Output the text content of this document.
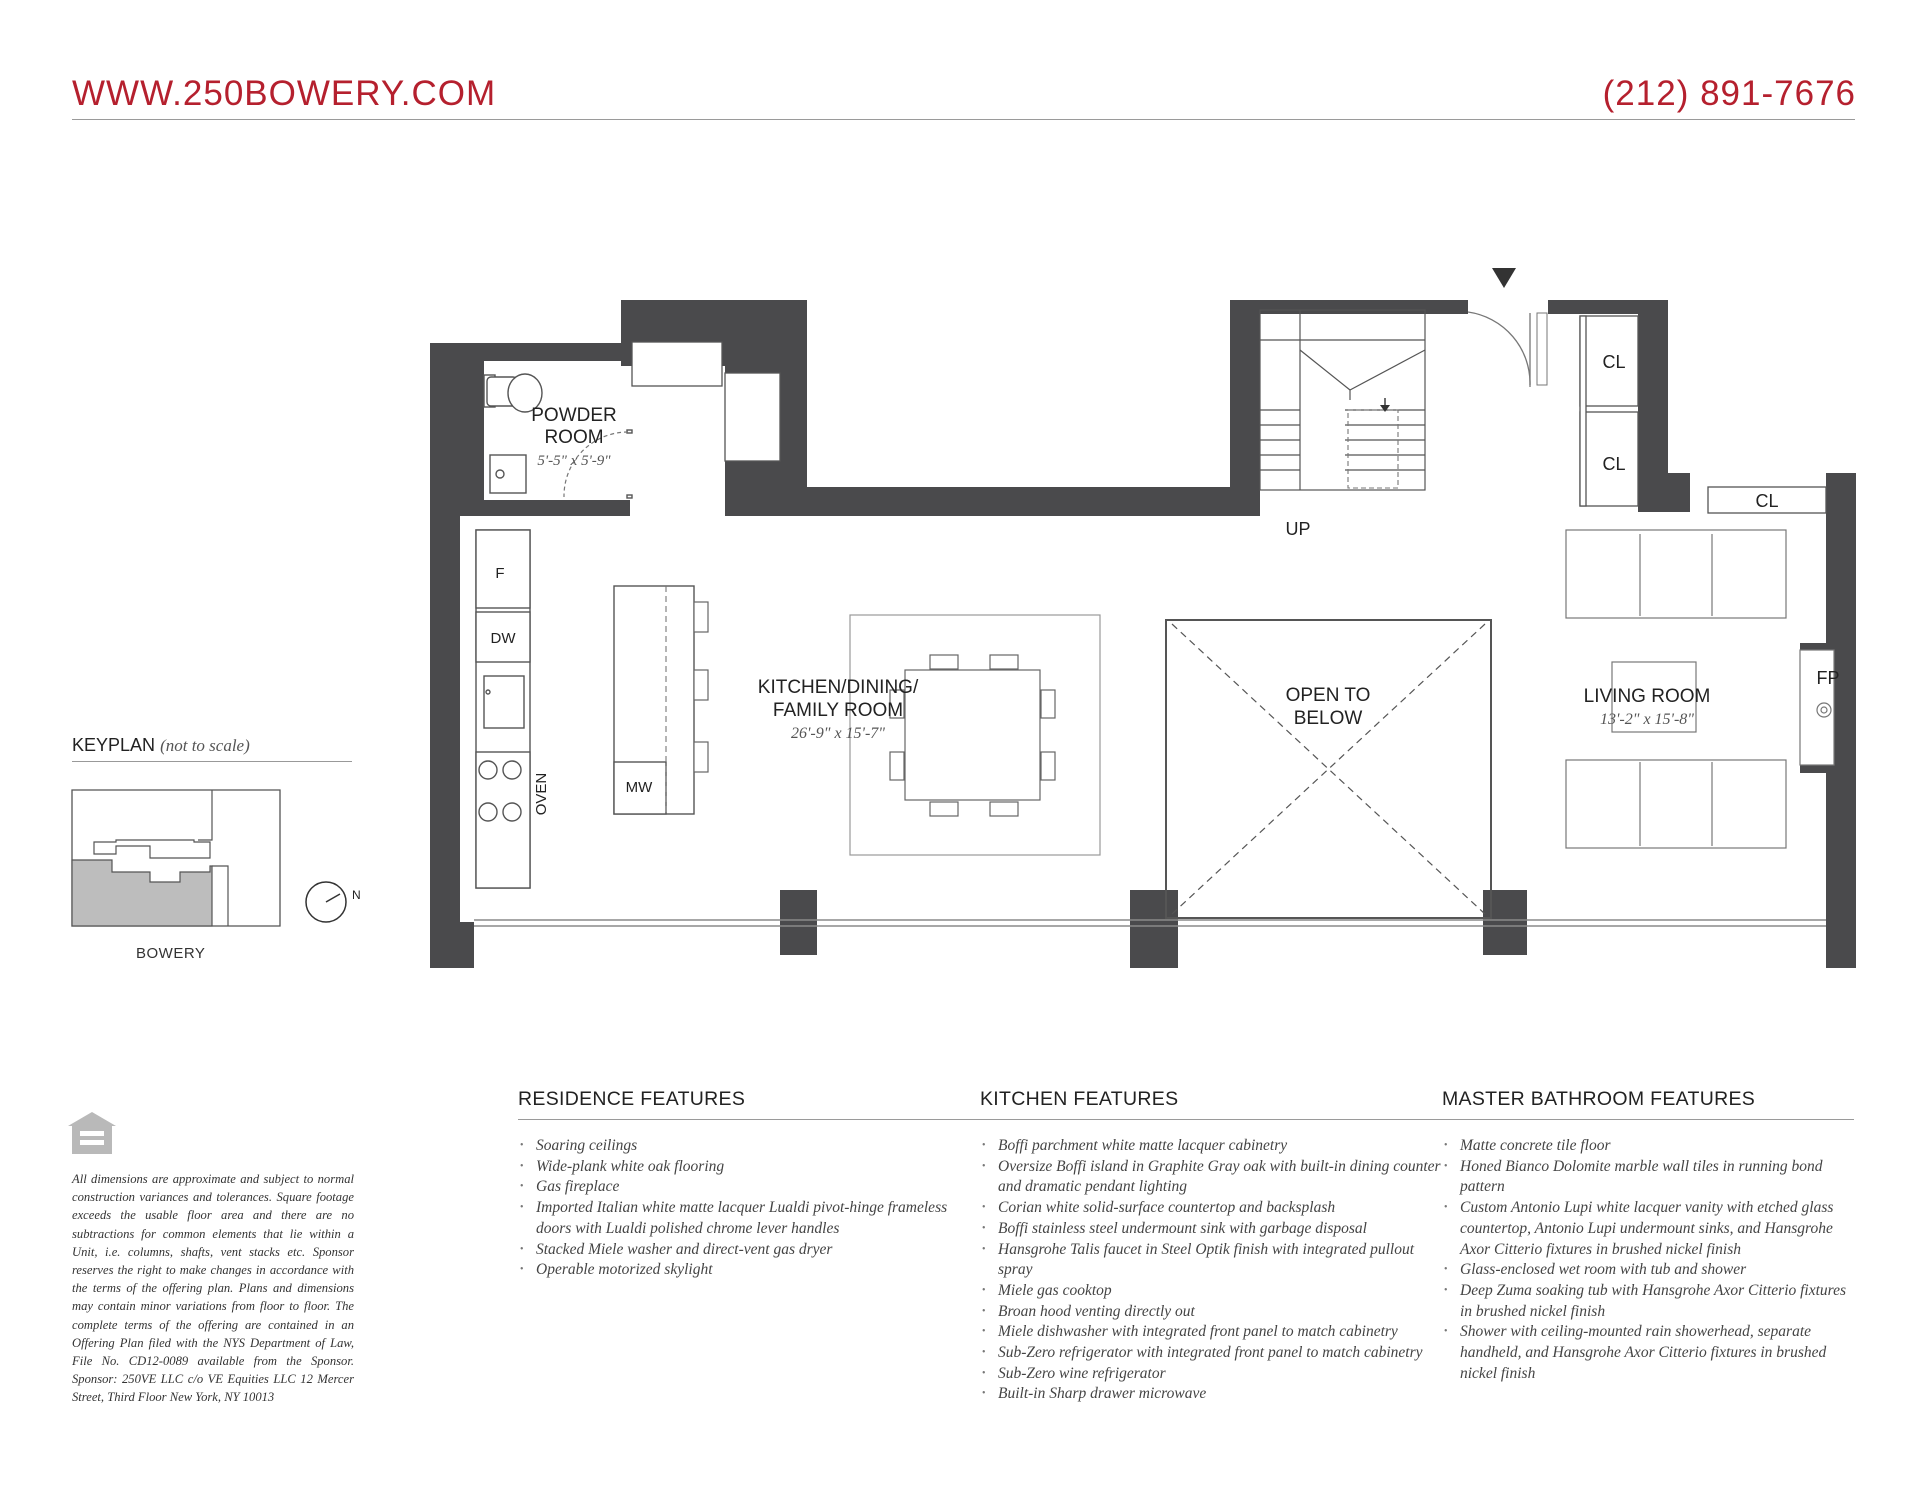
WWW.250BOWERY.COM	(212) 891-7676
POWDER
ROOM
5'-5" x 5'-9"
KITCHEN/DINING/
FAMILY ROOM
26'-9" x 15'-7"
OPEN TO
BELOW
LIVING ROOM
13'-2" x 15'-8"
UP
CL
CL
CL
FP
F
DW
MW
OVEN
KEYPLAN (not to scale)
N
BOWERY

All dimensions are approximate and subject to normal construction variances and tolerances. Square footage exceeds the usable floor area and there are no subtractions for common elements that lie within a Unit, i.e. columns, shafts, vent stacks etc. Sponsor reserves the right to make changes in accordance with the terms of the offering plan. Plans and dimensions may contain minor variations from floor to floor. The complete terms of the offering are contained in an Offering Plan filed with the NYS Department of Law, File No. CD12-0089 available from the Sponsor. Sponsor: 250VE LLC c/o VE Equities LLC 12 Mercer Street, Third Floor New York, NY 10013

RESIDENCE FEATURES
• Soaring ceilings
• Wide-plank white oak flooring
• Gas fireplace
• Imported Italian white matte lacquer Lualdi pivot-hinge frameless doors with Lualdi polished chrome lever handles
• Stacked Miele washer and direct-vent gas dryer
• Operable motorized skylight
KITCHEN FEATURES
• Boffi parchment white matte lacquer cabinetry
• Oversize Boffi island in Graphite Gray oak with built-in dining counter and dramatic pendant lighting
• Corian white solid-surface countertop and backsplash
• Boffi stainless steel undermount sink with garbage disposal
• Hansgrohe Talis faucet in Steel Optik finish with integrated pullout spray
• Miele gas cooktop
• Broan hood venting directly out
• Miele dishwasher with integrated front panel to match cabinetry
• Sub-Zero refrigerator with integrated front panel to match cabinetry
• Sub-Zero wine refrigerator
• Built-in Sharp drawer microwave
MASTER BATHROOM FEATURES
• Matte concrete tile floor
• Honed Bianco Dolomite marble wall tiles in running bond pattern
• Custom Antonio Lupi white lacquer vanity with etched glass countertop, Antonio Lupi undermount sinks, and Hansgrohe Axor Citterio fixtures in brushed nickel finish
• Glass-enclosed wet room with tub and shower
• Deep Zuma soaking tub with Hansgrohe Axor Citterio fixtures in brushed nickel finish
• Shower with ceiling-mounted rain showerhead, separate handheld, and Hansgrohe Axor Citterio fixtures in brushed nickel finish
